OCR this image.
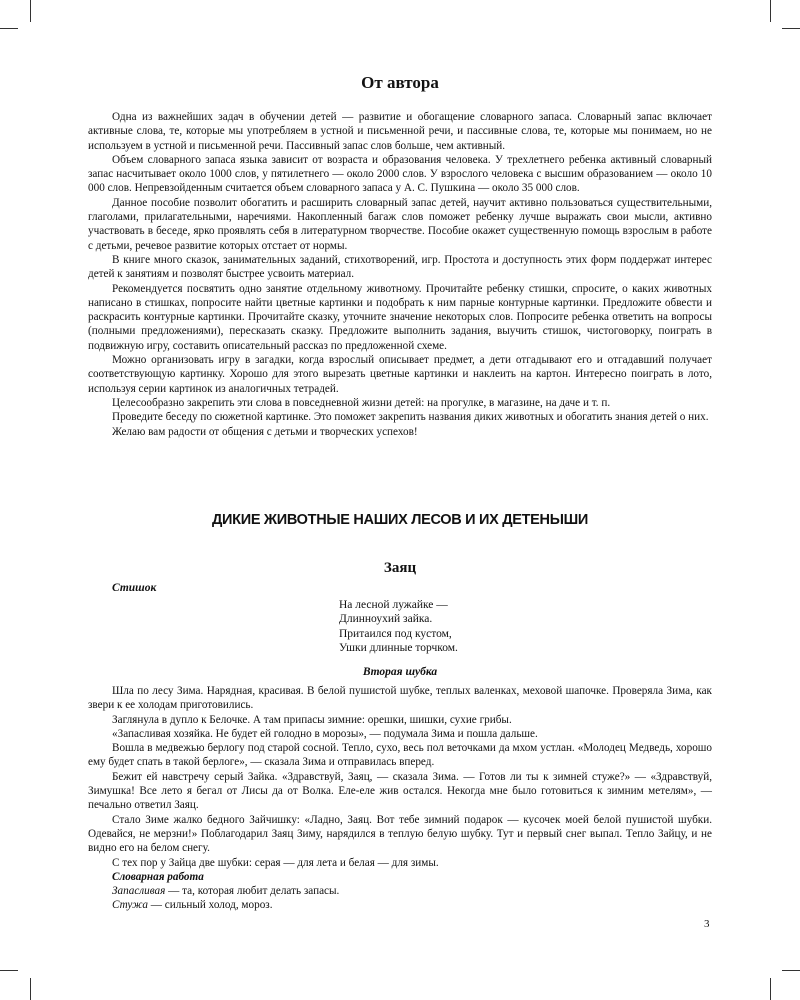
От автора

Одна из важнейших задач в обучении детей — развитие и обогащение словарного запаса. Словарный запас включает активные слова, те, которые мы употребляем в устной и письменной речи, и пассивные слова, те, которые мы понимаем, но не используем в устной и письменной речи. Пассивный запас слов больше, чем активный.

Объем словарного запаса языка зависит от возраста и образования человека. У трехлетнего ребенка активный словарный запас насчитывает около 1000 слов, у пятилетнего — около 2000 слов. У взрослого человека с высшим образованием — около 10 000 слов. Непревзойденным считается объем словарного запаса у А. С. Пушкина — около 35 000 слов.

Данное пособие позволит обогатить и расширить словарный запас детей, научит активно пользоваться существительными, глаголами, прилагательными, наречиями. Накопленный багаж слов поможет ребенку лучше выражать свои мысли, активно участвовать в беседе, ярко проявлять себя в литературном творчестве. Пособие окажет существенную помощь взрослым в работе с детьми, речевое развитие которых отстает от нормы.

В книге много сказок, занимательных заданий, стихотворений, игр. Простота и доступность этих форм поддержат интерес детей к занятиям и позволят быстрее усвоить материал.

Рекомендуется посвятить одно занятие отдельному животному. Прочитайте ребенку стишки, спросите, о каких животных написано в стишках, попросите найти цветные картинки и подобрать к ним парные контурные картинки. Предложите обвести и раскрасить контурные картинки. Прочитайте сказку, уточните значение некоторых слов. Попросите ребенка ответить на вопросы (полными предложениями), пересказать сказку. Предложите выполнить задания, выучить стишок, чистоговорку, поиграть в подвижную игру, составить описательный рассказ по предложенной схеме.

Можно организовать игру в загадки, когда взрослый описывает предмет, а дети отгадывают его и отгадавший получает соответствующую картинку. Хорошо для этого вырезать цветные картинки и наклеить на картон. Интересно поиграть в лото, используя серии картинок из аналогичных тетрадей.

Целесообразно закрепить эти слова в повседневной жизни детей: на прогулке, в магазине, на даче и т. п.

Проведите беседу по сюжетной картинке. Это поможет закрепить названия диких животных и обогатить знания детей о них.

Желаю вам радости от общения с детьми и творческих успехов!

ДИКИЕ ЖИВОТНЫЕ НАШИХ ЛЕСОВ И ИХ ДЕТЕНЫШИ
Заяц
Стишок
На лесной лужайке —
Длинноухий зайка.
Притаился под кустом,
Ушки длинные торчком.
Вторая шубка

Шла по лесу Зима. Нарядная, красивая. В белой пушистой шубке, теплых валенках, меховой шапочке. Проверяла Зима, как звери к ее холодам приготовились.

Заглянула в дупло к Белочке. А там припасы зимние: орешки, шишки, сухие грибы.

«Запасливая хозяйка. Не будет ей голодно в морозы», — подумала Зима и пошла дальше.

Вошла в медвежью берлогу под старой сосной. Тепло, сухо, весь пол веточками да мхом устлан. «Молодец Медведь, хорошо ему будет спать в такой берлоге», — сказала Зима и отправилась вперед.

Бежит ей навстречу серый Зайка. «Здравствуй, Заяц, — сказала Зима. — Готов ли ты к зимней стуже?» — «Здравствуй, Зимушка! Все лето я бегал от Лисы да от Волка. Еле-еле жив остался. Некогда мне было готовиться к зимним метелям», — печально ответил Заяц.

Стало Зиме жалко бедного Зайчишку: «Ладно, Заяц. Вот тебе зимний подарок — кусочек моей белой пушистой шубки. Одевайся, не мерзни!» Поблагодарил Заяц Зиму, нарядился в теплую белую шубку. Тут и первый снег выпал. Тепло Зайцу, и не видно его на белом снегу.

С тех пор у Зайца две шубки: серая — для лета и белая — для зимы.

Словарная работа

Запасливая — та, которая любит делать запасы.

Стужа — сильный холод, мороз.

3
